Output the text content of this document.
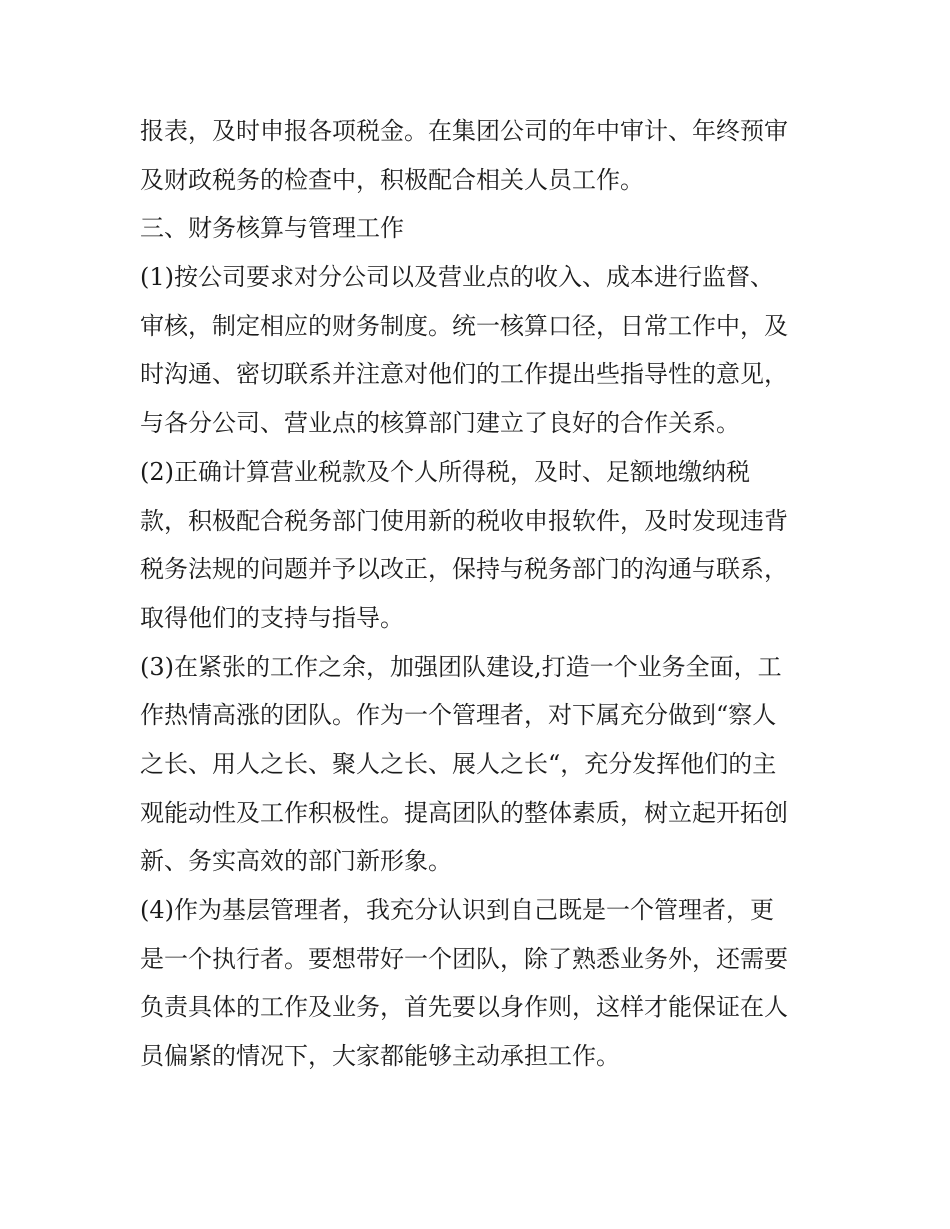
报表，及时申报各项税金。在集团公司的年中审计、年终预审
及财政税务的检查中，积极配合相关人员工作。
三、财务核算与管理工作
(1)按公司要求对分公司以及营业点的收入、成本进行监督、
审核，制定相应的财务制度。统一核算口径，日常工作中，及
时沟通、密切联系并注意对他们的工作提出些指导性的意见，
与各分公司、营业点的核算部门建立了良好的合作关系。
(2)正确计算营业税款及个人所得税，及时、足额地缴纳税
款，积极配合税务部门使用新的税收申报软件，及时发现违背
税务法规的问题并予以改正，保持与税务部门的沟通与联系，
取得他们的支持与指导。
(3)在紧张的工作之余，加强团队建设,打造一个业务全面，工
作热情高涨的团队。作为一个管理者，对下属充分做到“察人
之长、用人之长、聚人之长、展人之长“，充分发挥他们的主
观能动性及工作积极性。提高团队的整体素质，树立起开拓创
新、务实高效的部门新形象。
(4)作为基层管理者，我充分认识到自己既是一个管理者，更
是一个执行者。要想带好一个团队，除了熟悉业务外，还需要
负责具体的工作及业务，首先要以身作则，这样才能保证在人
员偏紧的情况下，大家都能够主动承担工作。
